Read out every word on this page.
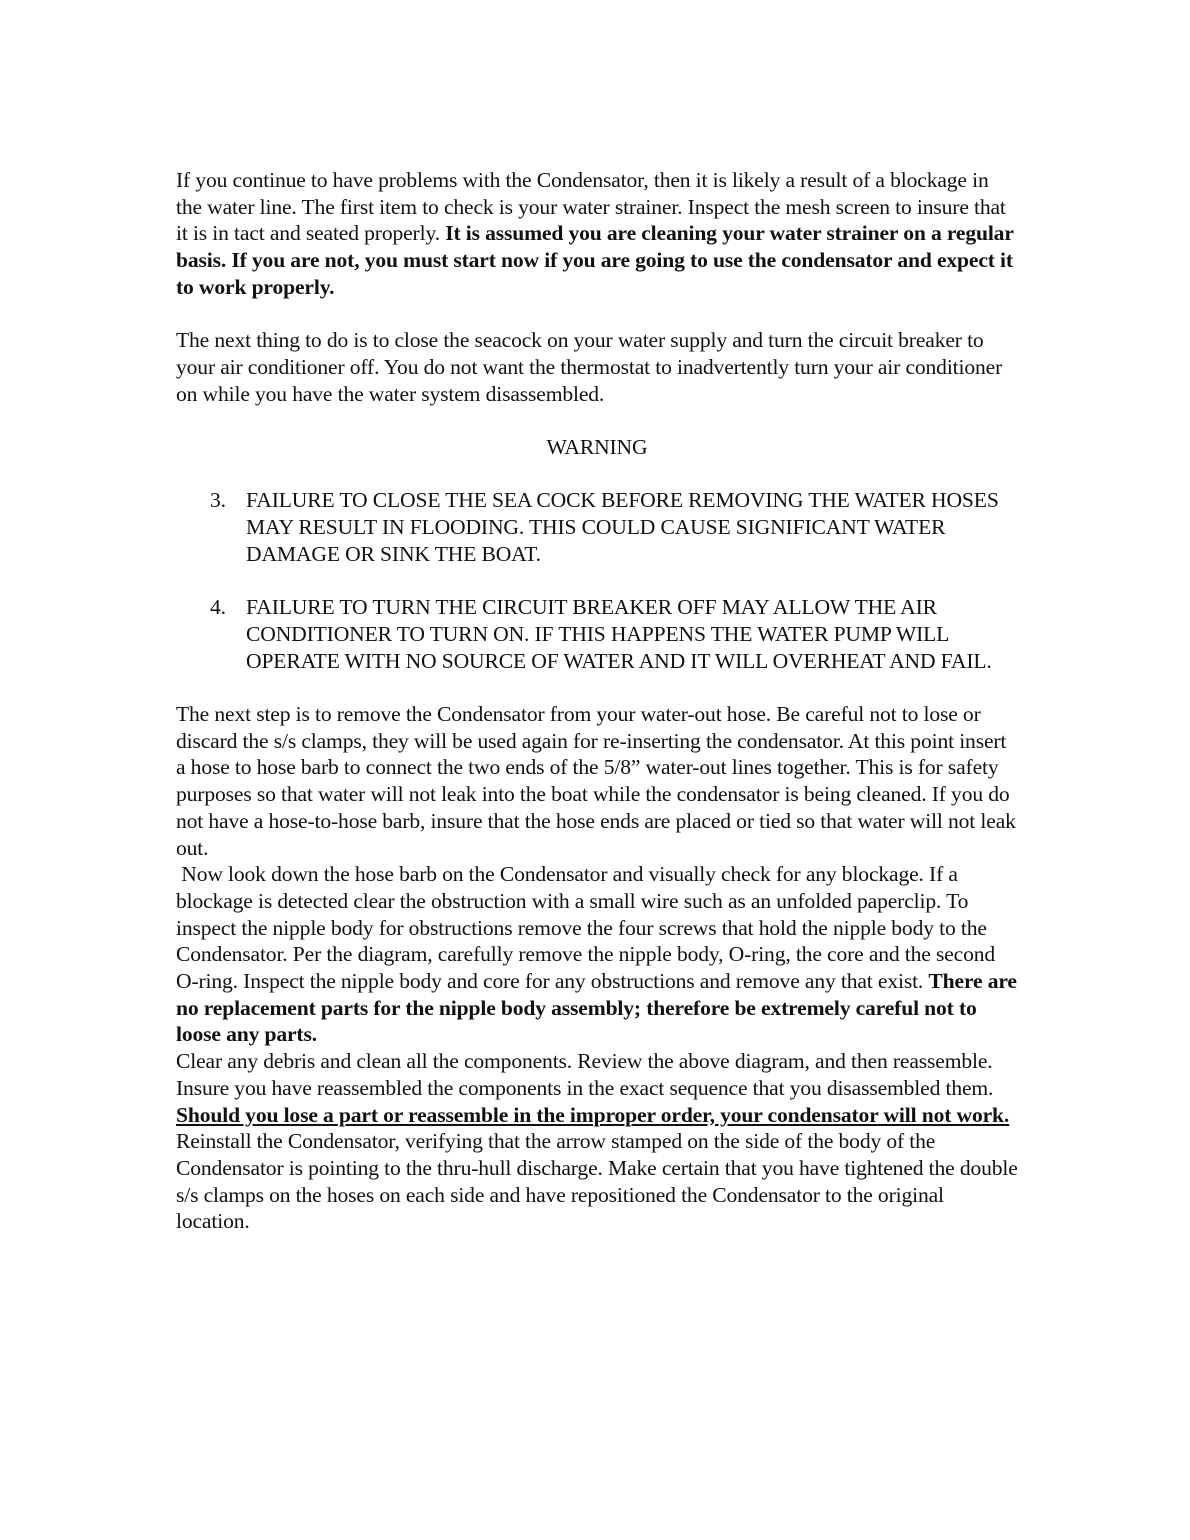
If you continue to have problems with the Condensator, then it is likely a result of a blockage in the water line. The first item to check is your water strainer. Inspect the mesh screen to insure that it is in tact and seated properly. It is assumed you are cleaning your water strainer on a regular basis. If you are not, you must start now if you are going to use the condensator and expect it to work properly.

The next thing to do is to close the seacock on your water supply and turn the circuit breaker to your air conditioner off. You do not want the thermostat to inadvertently turn your air conditioner on while you have the water system disassembled.

WARNING

3. FAILURE TO CLOSE THE SEA COCK BEFORE REMOVING THE WATER HOSES MAY RESULT IN FLOODING. THIS COULD CAUSE SIGNIFICANT WATER DAMAGE OR SINK THE BOAT.
4. FAILURE TO TURN THE CIRCUIT BREAKER OFF MAY ALLOW THE AIR CONDITIONER TO TURN ON. IF THIS HAPPENS THE WATER PUMP WILL OPERATE WITH NO SOURCE OF WATER AND IT WILL OVERHEAT AND FAIL.

The next step is to remove the Condensator from your water-out hose. Be careful not to lose or discard the s/s clamps, they will be used again for re-inserting the condensator. At this point insert a hose to hose barb to connect the two ends of the 5/8” water-out lines together. This is for safety purposes so that water will not leak into the boat while the condensator is being cleaned. If you do not have a hose-to-hose barb, insure that the hose ends are placed or tied so that water will not leak out.

Now look down the hose barb on the Condensator and visually check for any blockage. If a blockage is detected clear the obstruction with a small wire such as an unfolded paperclip. To inspect the nipple body for obstructions remove the four screws that hold the nipple body to the Condensator. Per the diagram, carefully remove the nipple body, O-ring, the core and the second O-ring. Inspect the nipple body and core for any obstructions and remove any that exist. There are no replacement parts for the nipple body assembly; therefore be extremely careful not to loose any parts.

Clear any debris and clean all the components. Review the above diagram, and then reassemble. Insure you have reassembled the components in the exact sequence that you disassembled them. Should you lose a part or reassemble in the improper order, your condensator will not work.

Reinstall the Condensator, verifying that the arrow stamped on the side of the body of the Condensator is pointing to the thru-hull discharge. Make certain that you have tightened the double s/s clamps on the hoses on each side and have repositioned the Condensator to the original location.
